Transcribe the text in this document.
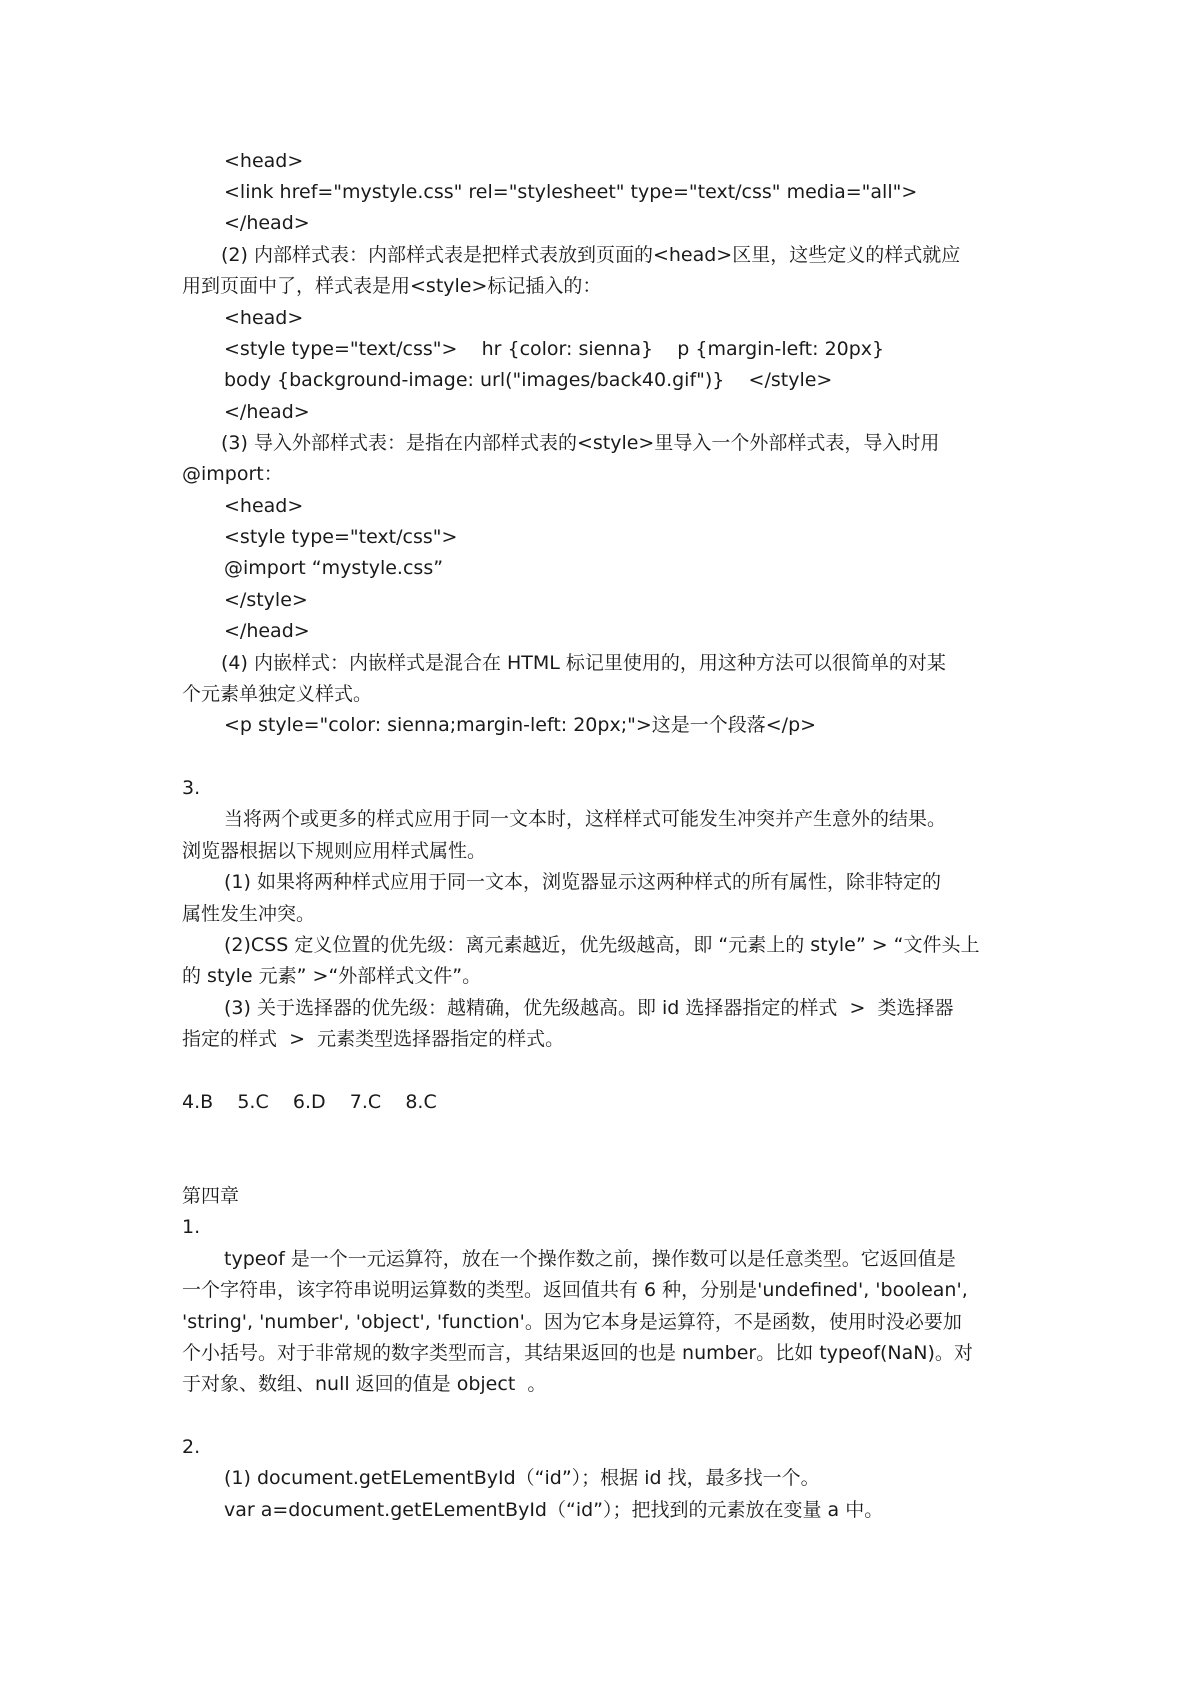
<head>
<link href="mystyle.css" rel="stylesheet" type="text/css" media="all">
</head>
(2) 内部样式表：内部样式表是把样式表放到页面的<head>区里，这些定义的样式就应
用到页面中了，样式表是用<style>标记插入的：
<head>
<style type="text/css">    hr {color: sienna}    p {margin-left: 20px}
body {background-image: url("images/back40.gif")}    </style>
</head>
(3) 导入外部样式表：是指在内部样式表的<style>里导入一个外部样式表，导入时用
@import：
<head>
<style type="text/css">
@import “mystyle.css”
</style>
</head>
(4) 内嵌样式：内嵌样式是混合在 HTML 标记里使用的，用这种方法可以很简单的对某
个元素单独定义样式。
<p style="color: sienna;margin-left: 20px;">这是一个段落</p>
3.
当将两个或更多的样式应用于同一文本时，这样样式可能发生冲突并产生意外的结果。
浏览器根据以下规则应用样式属性。
(1) 如果将两种样式应用于同一文本，浏览器显示这两种样式的所有属性，除非特定的
属性发生冲突。
(2)CSS 定义位置的优先级：离元素越近，优先级越高，即 “元素上的 style” > “文件头上
的 style 元素” >“外部样式文件”。
(3) 关于选择器的优先级：越精确，优先级越高。即 id 选择器指定的样式  >  类选择器
指定的样式  >  元素类型选择器指定的样式。
4.B    5.C    6.D    7.C    8.C
第四章
1.
typeof 是一个一元运算符，放在一个操作数之前，操作数可以是任意类型。它返回值是
一个字符串，该字符串说明运算数的类型。返回值共有 6 种，分别是'undefined', 'boolean',
'string', 'number', 'object', 'function'。因为它本身是运算符，不是函数，使用时没必要加
个小括号。对于非常规的数字类型而言，其结果返回的也是 number。比如 typeof(NaN)。对
于对象、数组、null 返回的值是 object  。
2.
(1) document.getELementById（“id”）；根据 id 找，最多找一个。
var a=document.getELementById（“id”）；把找到的元素放在变量 a 中。
